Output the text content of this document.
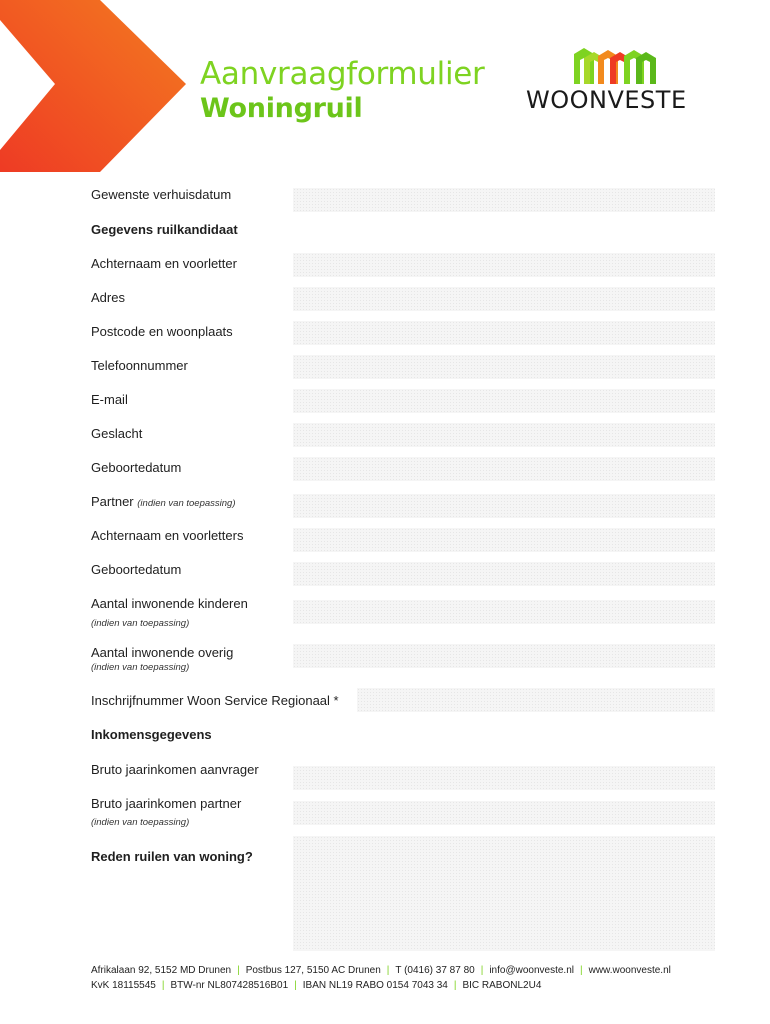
Aanvraagformulier
Woningruil	WOONVESTE
Gewenste verhuisdatum
Gegevens ruilkandidaat
Achternaam en voorletter
Adres
Postcode en woonplaats
Telefoonnummer
E-mail
Geslacht
Geboortedatum
Partner (indien van toepassing)
Achternaam en voorletters
Geboortedatum
Aantal inwonende kinderen
(indien van toepassing)
Aantal inwonende overig
(indien van toepassing)
Inschrijfnummer Woon Service Regionaal *
Inkomensgegevens
Bruto jaarinkomen aanvrager
Bruto jaarinkomen partner
(indien van toepassing)
Reden ruilen van woning?
Afrikalaan 92, 5152 MD Drunen | Postbus 127, 5150 AC Drunen | T (0416) 37 87 80 | info@woonveste.nl | www.woonveste.nl
KvK 18115545 | BTW-nr NL807428516B01 | IBAN NL19 RABO 0154 7043 34 | BIC RABONL2U4
